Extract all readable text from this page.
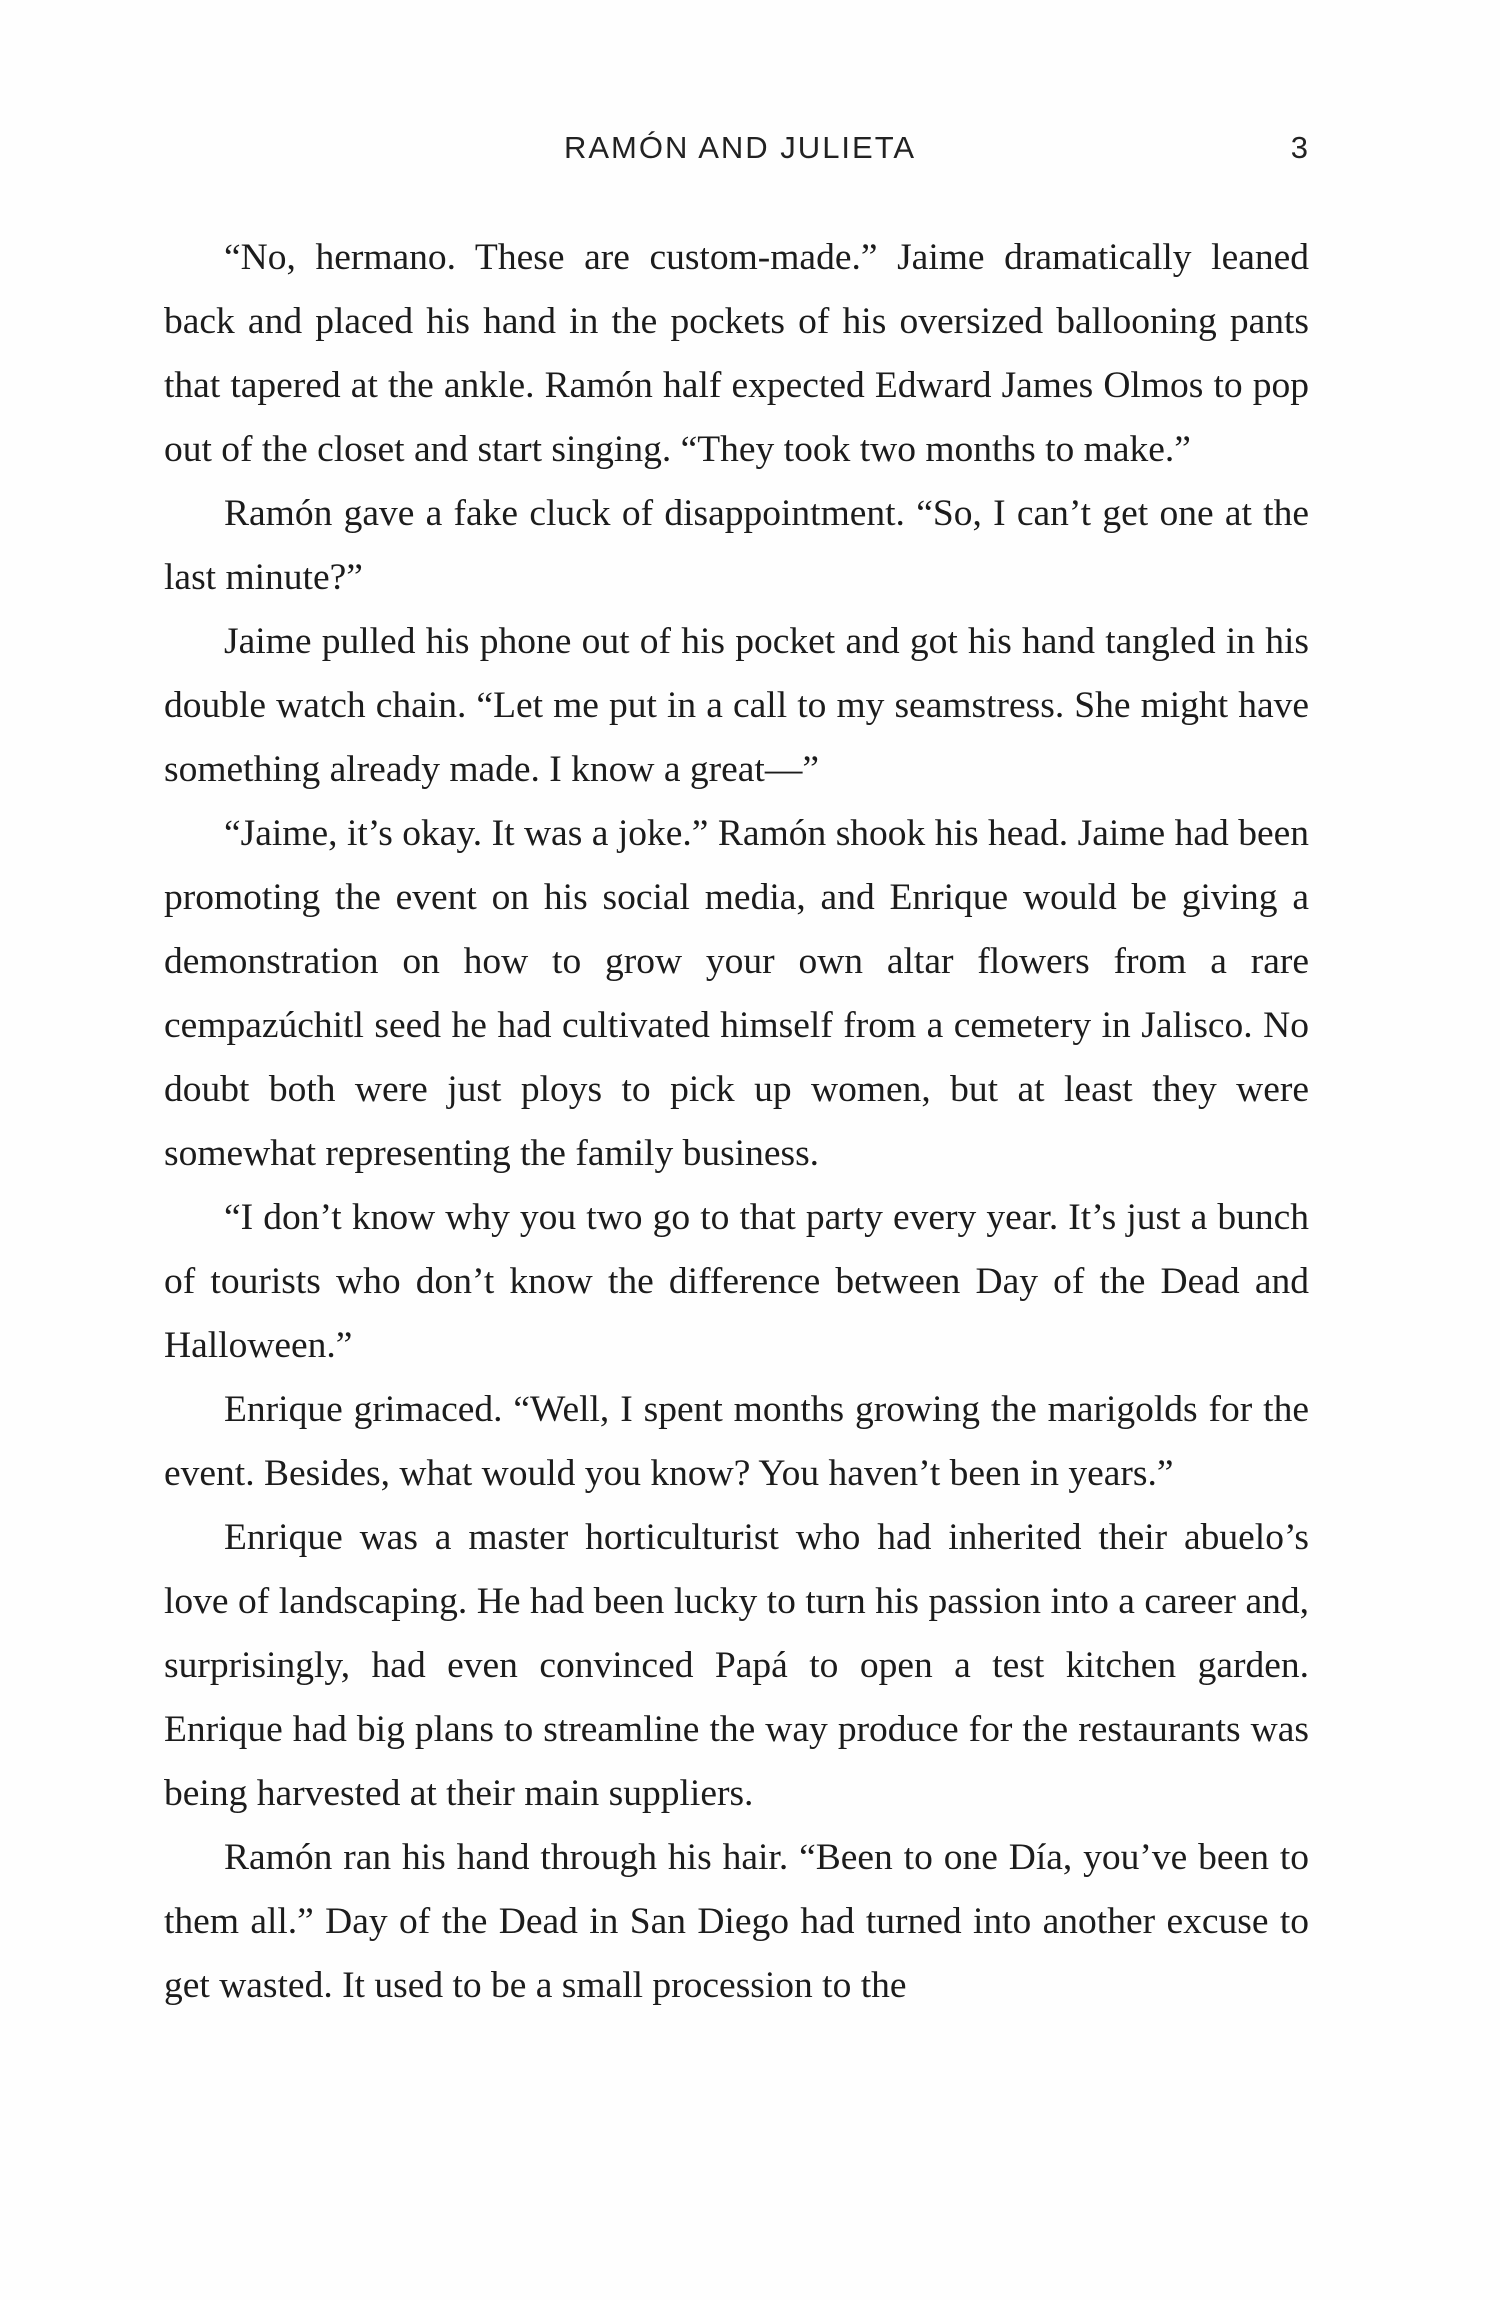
RAMÓN AND JULIETA	3

“No, hermano. These are custom-made.” Jaime dramatically leaned back and placed his hand in the pockets of his oversized ballooning pants that tapered at the ankle. Ramón half expected Edward James Olmos to pop out of the closet and start singing. “They took two months to make.”

Ramón gave a fake cluck of disappointment. “So, I can’t get one at the last minute?”

Jaime pulled his phone out of his pocket and got his hand tangled in his double watch chain. “Let me put in a call to my seamstress. She might have something already made. I know a great—”

“Jaime, it’s okay. It was a joke.” Ramón shook his head. Jaime had been promoting the event on his social media, and Enrique would be giving a demonstration on how to grow your own altar flowers from a rare cempazúchitl seed he had cultivated himself from a cemetery in Jalisco. No doubt both were just ploys to pick up women, but at least they were somewhat representing the family business.

“I don’t know why you two go to that party every year. It’s just a bunch of tourists who don’t know the difference between Day of the Dead and Halloween.”

Enrique grimaced. “Well, I spent months growing the marigolds for the event. Besides, what would you know? You haven’t been in years.”

Enrique was a master horticulturist who had inherited their abuelo’s love of landscaping. He had been lucky to turn his passion into a career and, surprisingly, had even convinced Papá to open a test kitchen garden. Enrique had big plans to streamline the way produce for the restaurants was being harvested at their main suppliers.

Ramón ran his hand through his hair. “Been to one Día, you’ve been to them all.” Day of the Dead in San Diego had turned into another excuse to get wasted. It used to be a small procession to the
